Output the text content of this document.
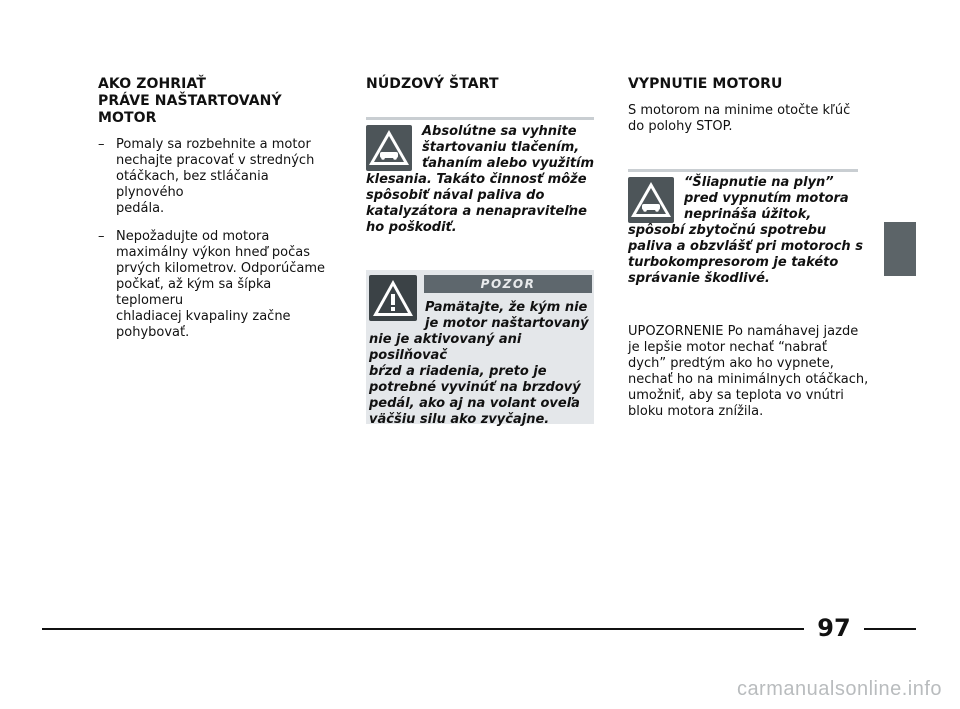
AKO ZOHRIAŤ
PRÁVE NAŠTARTOVANÝ
MOTOR
– Pomaly sa rozbehnite a motor
nechajte pracovať v stredných
otáčkach, bez stláčania plynového
pedála.
– Nepožadujte od motora
maximálny výkon hneď počas
prvých kilometrov. Odporúčame
počkať, až kým sa šípka teplomeru
chladiacej kvapaliny začne
pohybovať.
NÚDZOVÝ ŠTART
Absolútne sa vyhnite
štartovaniu tlačením,
ťahaním alebo využitím
klesania. Takáto činnosť môže
spôsobiť nával paliva do
katalyzátora a nenapraviteľne
ho poškodiť.
POZOR
Pamätajte, že kým nie
je motor naštartovaný
nie je aktivovaný ani posilňovač
bŕzd a riadenia, preto je
potrebné vyvinúť na brzdový
pedál, ako aj na volant oveľa
väčšiu silu ako zvyčajne.
VYPNUTIE MOTORU
S motorom na minime otočte kľúč
do polohy STOP.
“Šliapnutie na plyn”
pred vypnutím motora
neprináša úžitok,
spôsobí zbytočnú spotrebu
paliva a obzvlášť pri motoroch s
turbokompresorom je takéto
správanie škodlivé.
UPOZORNENIE Po namáhavej jazde
je lepšie motor nechať “nabrať
dych” predtým ako ho vypnete,
nechať ho na minimálnych otáčkach,
umožniť, aby sa teplota vo vnútri
bloku motora znížila.
97
carmanualsonline.info
